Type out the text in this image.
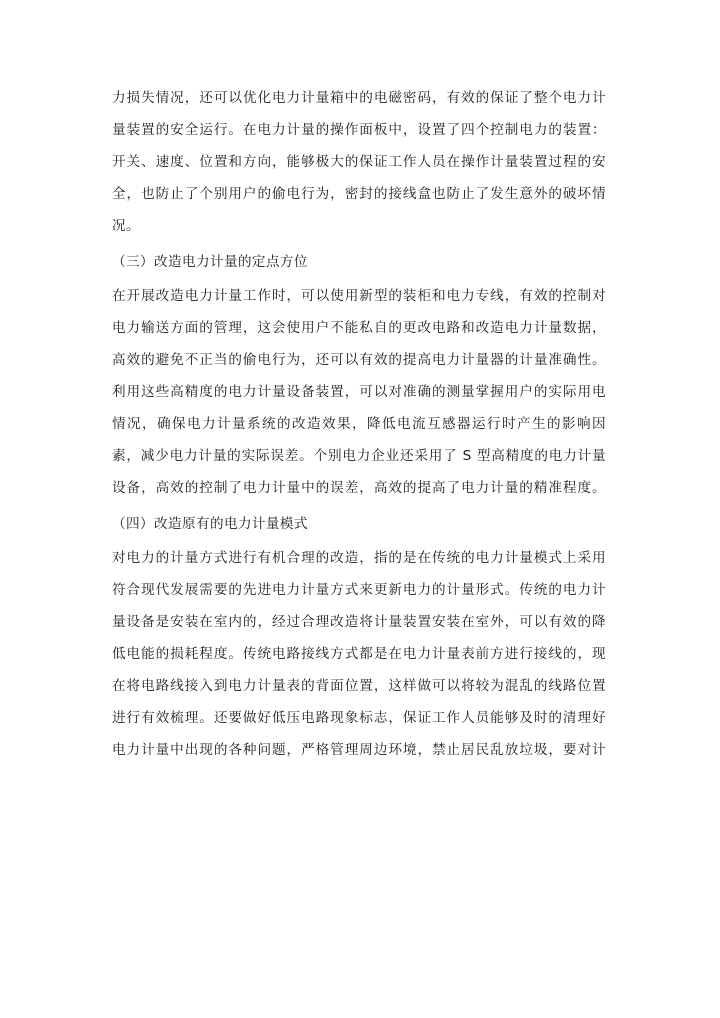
力损失情况，还可以优化电力计量箱中的电磁密码，有效的保证了整个电力计
量装置的安全运行。在电力计量的操作面板中，设置了四个控制电力的装置：
开关、速度、位置和方向，能够极大的保证工作人员在操作计量装置过程的安
全，也防止了个别用户的偷电行为，密封的接线盒也防止了发生意外的破坏情
况。
（三）改造电力计量的定点方位
在开展改造电力计量工作时，可以使用新型的装柜和电力专线，有效的控制对
电力输送方面的管理，这会使用户不能私自的更改电路和改造电力计量数据，
高效的避免不正当的偷电行为，还可以有效的提高电力计量器的计量准确性。
利用这些高精度的电力计量设备装置，可以对准确的测量掌握用户的实际用电
情况，确保电力计量系统的改造效果，降低电流互感器运行时产生的影响因
素，减少电力计量的实际误差。个别电力企业还采用了 S 型高精度的电力计量
设备，高效的控制了电力计量中的误差，高效的提高了电力计量的精准程度。
（四）改造原有的电力计量模式
对电力的计量方式进行有机合理的改造，指的是在传统的电力计量模式上采用
符合现代发展需要的先进电力计量方式来更新电力的计量形式。传统的电力计
量设备是安装在室内的，经过合理改造将计量装置安装在室外，可以有效的降
低电能的损耗程度。传统电路接线方式都是在电力计量表前方进行接线的，现
在将电路线接入到电力计量表的背面位置，这样做可以将较为混乱的线路位置
进行有效梳理。还要做好低压电路现象标志，保证工作人员能够及时的清理好
电力计量中出现的各种问题，严格管理周边环境，禁止居民乱放垃圾，要对计
